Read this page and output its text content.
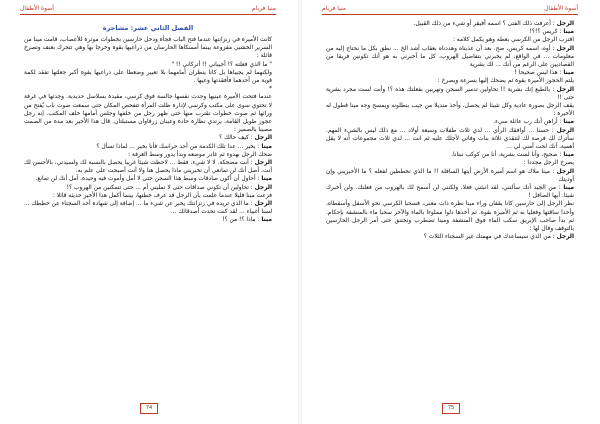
أسوة الأطفال	منيا فريام
الفصل الثاني عشر: مشاجرة

كانت الأميرة في زنزانتها عندما فتح الباب فجأة ودخل حارسين بخطوات موترة للأعصاب، قامت مينا من السرير الخشبي مفزوعة بينما أمسكاها الحارسان من ذراعيها بقوة وخرجا بها وهي تتحرك بعنف وتصرخ قائلة :

" ما الذي فعلته ؟! أجيباني !! أتركاني !! "

ولكنهما لم يجيباها بل كانا ينظران أمامهما بلا تعبير وضغطا على ذراعيها بقوة أكبر جعلتها تفقد لكمة قوية من أحدهما فأفقدتها وعيها .

*

عندما فتحت الأميرة عينيها وجدت نفسها جالسة فوق كرسي، مقيدة بسلاسل حديدية. وجدتها في غرفة لا تحتوي سوى على مكتب وكرسي لإدارة ظلت المرأة تتفحص المكان حتى سمعت صوت باب يُفتح من ورائها ثم صوت خطوات تقترب منها حتى ظهر رجل من خلفها وجلس أمامها خلف المكتب. إنه رجل عجوز طويل القامة، يرتدي نظارة حادة وعينان زرقاوان مستبلتان. قال هذا الأخير بعد مدة من الصمت مصيبا بالصمير :

الرجل : كيف حالك ؟

مينا : بخير ... عدا تلك الكدمة من أحد حراسك فأنا بخير ... لماذا تسأل ؟

ضحك الرجل بهدوء ثم غادر موضعه وبدأ يدور وسط الغرفة :

الرجل : أنت مضحكة. لا لا شيء، فقط ... لاحظت شيئا غريبا يحصل بالنسبة لك ولسيدتي، بالأحسن لك أنت. أصل أنك لن تمانعي أن تخبريني ماذا يحصل هنا ولا أنت أصبحت على علم به.

مينا : أحاول أن أكون صادقات وسط هذا السجن حتى لا أمل وأموت فيه وحيدة. آمل أنك لن تمانع.

الرجل : تحاولين أن تكوني صداقات حتى لا تمليني أم ... حتى تتمكنين من الهروب ؟!

فزعت مينا قليلا عندما علمت بأن الرجل قد عرف خطتها، بينما أكمل هذا الأخير حديثه قائلا :

الرجل : ما الذي تريده في زنزانتك يخبر عن شيء ما ... إضافة إلى شهادة أحد السجناء عن خططك ... لسنا أغبياء ... لقد كنت تحدث أصدقائك ...

مينا : ماذا ؟! من ؟!

74
منيا فريام	أسوة الأطفال

الرجل : أعرفت ذلك الفتى ؟ اسمه أفيقر أو شيء من ذلك القبيل.

مينا : كريس ؟!؟!

اقترب الرجل من الكرسي بعطه وهو يكمل كلامه :

الرجل : أوه، اسمه كريس، صح. بعد أن عذبناه وهددناه بعقاب أشد الخ ... نطق بكل ما نحتاج إليه من معلومات ... في الواقع، لم يخبرني بتفاصيل الهروب، كل ما أخبرني به هو أنك تكونين فريقا من القصاديين على الرغم من أنك ... لك بشرية

مينا : هذا ليس صحيحا !

يلتم الحجوز الأميرة بقوة ثم يضحك إليها بسرعة ويصرخ :

الرجل : بالطبع إنك بشرية !! تحاولين تدمير السجن وتهربين بفعلتك هذه ؟! وأنت لست مجرد بشرية حتى !!

يقف الرجل بصورة عادية وكل شيئا لم يحصل، وأخذ منديلا من جيب بنطلونه ويمسح وجه مينا قطول له الأخيرة :

مينا : أراهن أنك رب عائلة سيء.

الرجل : حسنا ... أوافقك الرأي ... لدي ثلاث طفلات وسبعة أولاد ... مع ذلك ليس بالشيء المهم. سأترك لك فرصة لك لتنقذي ثلاثة بنات وفاتي لأجلك عليه ثم انت ... لدي ثلاث مجموعات أنه لا يقل أهمية، أنك لحت أمني لي ...

مينا : صحيح، وأنا لست بشرية، أنا من كوكب نبتانا.

يصرخ الرجل مجددا :

الرجل : مينا ملاك هو اسم أميرة الأرض أيتها السافلة !! ما الذي تخططين لفعله ؟ ما الأخبريني وإن أوذيتك

مينا : من الجيد أنك سألتني، لقد انبثني فعلا، ولكنني لن أسمح لك بالهروب من فعلتك. ولن أخبرك شيئا. أيها الصافل !

نظر الرجل إلى حارسين كانا يقفان وراء مينا نظرة ذات معنى، فسحبا الكرسي نحو الأسفل وأسقطاه، وأخذا ساقتها وفعليا به ثم الأميرة بقوة. ثم أخذها دلوا مملوءا بالماء والآخر سحبا ماء بالمنشفة بإحكام. ثم بدأ صاحب الإبريق سكب الماء فوق المنشفة ومينا تضطرب وتختنق حتى أمر الرجل الحارسين بالتوقف وقال لها :

الرجل : من الذي سيساعدك في مهمتك غير السجناء الثلاث ؟

75
